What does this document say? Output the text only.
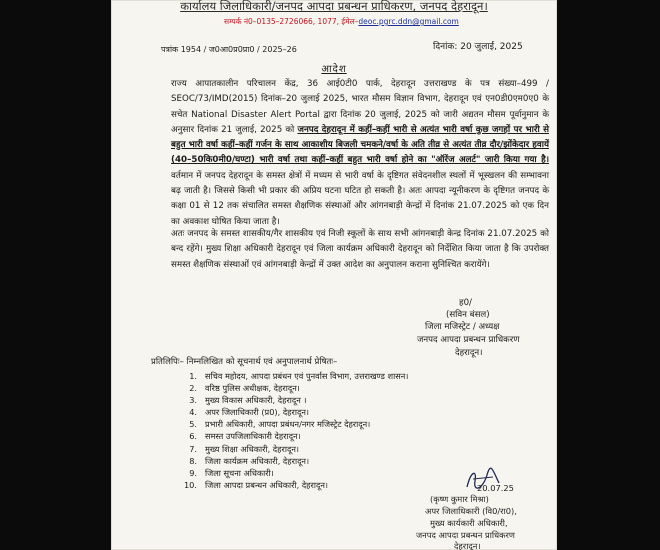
कार्यालय जिलाधिकारी/जनपद आपदा प्रबन्धन प्राधिकरण, जनपद देहरादून।
सम्पर्क नं0–0135–2726066, 1077, ईमेल–deoc.pgrc.ddn@gmail.com
पत्रांक 1954 / ज0आ0प्र0प्रा0 / 2025–26	दिनांक: 20 जुलाई, 2025
आदेश
राज्य आपातकालीन परिचालन केंद्र, 36 आई0टी0 पार्क, देहरादून उत्तराखण्ड के पत्र संख्या–499 / SEOC/73/IMD(2015) दिनांक–20 जुलाई 2025, भारत मौसम विज्ञान विभाग, देहरादून एवं एन0डी0एम0ए0 के सचेत National Disaster Alert Portal द्वारा दिनांक 20 जुलाई, 2025 को जारी अद्यतन मौसम पूर्वानुमान के अनुसार दिनांक 21 जुलाई, 2025 को जनपद देहरादून में कहीं–कहीं भारी से अत्यंत भारी वर्षा कुछ जगहों पर भारी से बहुत भारी वर्षा कहीं–कहीं गर्जन के साथ आकाशीय बिजली चमकने/वर्षा के अति तीव्र से अत्यंत तीव्र दौर/झोंकेदार हवायें (40–50कि0मी0/घण्टा) भारी वर्षा तथा कहीं–कहीं बहुत भारी वर्षा होने का "ऑरेंज अलर्ट" जारी किया गया है। वर्तमान में जनपद देहरादून के समस्त क्षेत्रों में मध्यम से भारी वर्षा के दृष्टिगत संवेदनशील स्थलों में भूस्खलन की सम्भावना बढ़ जाती है। जिससे किसी भी प्रकार की अप्रिय घटना घटित हो सकती है। अतः आपदा न्यूनीकरण के दृष्टिगत जनपद के कक्षा 01 से 12 तक संचालित समस्त शैक्षणिक संस्थाओं और आंगनबाड़ी केन्द्रों में दिनांक 21.07.2025 को एक दिन का अवकाश घोषित किया जाता है।
अतः जनपद के समस्त शासकीय/गैर शासकीय एवं निजी स्कूलों के साथ सभी आंगनबाड़ी केन्द्र दिनांक 21.07.2025 को बन्द रहेंगे। मुख्य शिक्षा अधिकारी देहरादून एवं जिला कार्यक्रम अधिकारी देहरादून को निर्देशित किया जाता है कि उपरोक्त समस्त शैक्षणिक संस्थाओं एवं आंगनबाड़ी केन्द्रों में उक्त आदेश का अनुपालन कराना सुनिश्चित करायेंगे।
ह0/
(सविन बंसल)
जिला मजिस्ट्रेट / अध्यक्ष
जनपद आपदा प्रबन्धन प्राधिकरण
देहरादून।
प्रतिलिपिः– निम्नलिखित को सूचनार्थ एवं अनुपालनार्थ प्रेषितः–
1. सचिव महोदय, आपदा प्रबंधन एवं पुनर्वास विभाग, उत्तराखण्ड शासन।
2. वरिष्ठ पुलिस अधीक्षक, देहरादून।
3. मुख्य विकास अधिकारी, देहरादून ।
4. अपर जिलाधिकारी (प्र0), देहरादून।
5. प्रभारी अधिकारी, आपदा प्रबंधन/नगर मजिस्ट्रेट देहरादून।
6. समस्त उपजिलाधिकारी देहरादून।
7. मुख्य शिक्षा अधिकारी, देहरादून।
8. जिला कार्यक्रम अधिकारी, देहरादून।
9. जिला सूचना अधिकारी।
10. जिला आपदा प्रबन्धन अधिकारी, देहरादून।	20.07.25
(कृष्ण कुमार मिश्रा)
अपर जिलाधिकारी (वि0/रा0),
मुख्य कार्यकारी अधिकारी,
जनपद आपदा प्रबन्धन प्राधिकरण
देहरादून।
